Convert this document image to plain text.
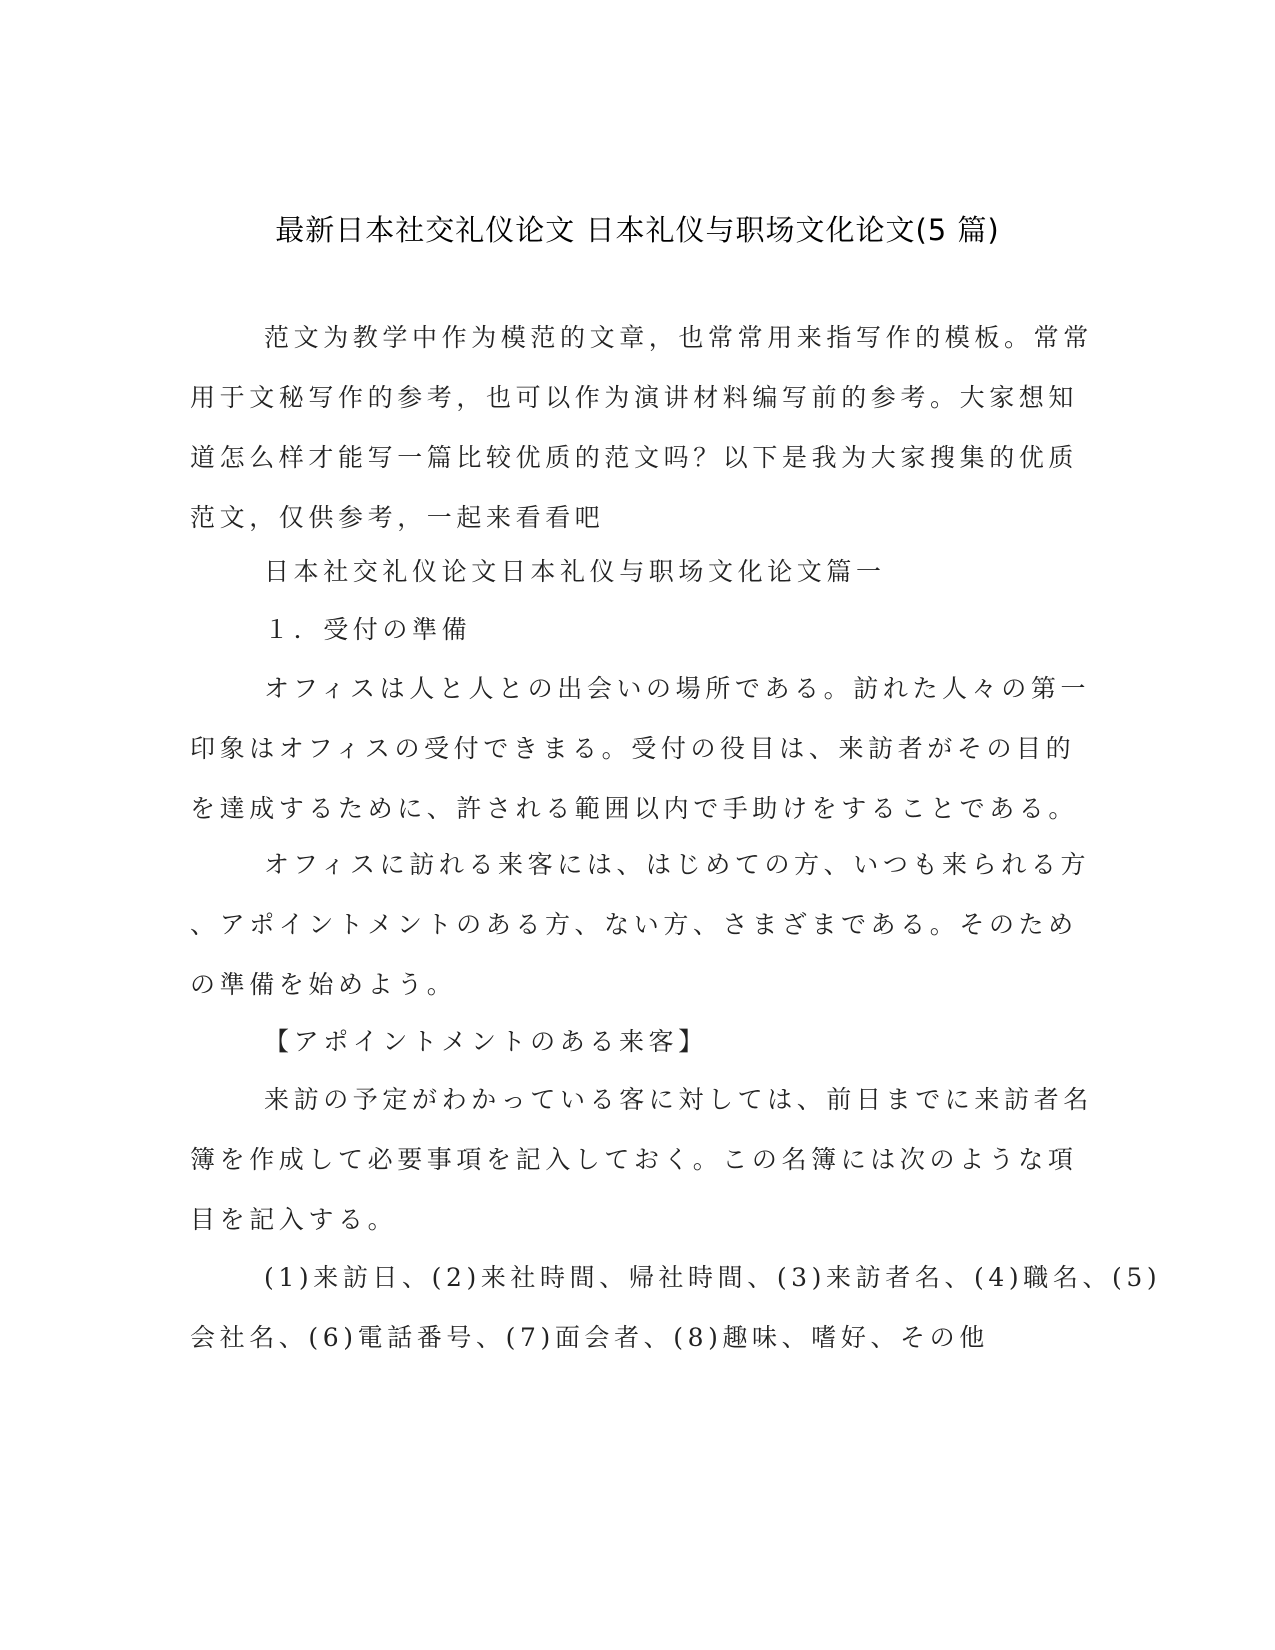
最新日本社交礼仪论文 日本礼仪与职场文化论文(5 篇)
范文为教学中作为模范的文章，也常常用来指写作的模板。常常
用于文秘写作的参考，也可以作为演讲材料编写前的参考。大家想知
道怎么样才能写一篇比较优质的范文吗？以下是我为大家搜集的优质
范文，仅供参考，一起来看看吧
日本社交礼仪论文日本礼仪与职场文化论文篇一
１．受付の準備
オフィスは人と人との出会いの場所である。訪れた人々の第一
印象はオフィスの受付できまる。受付の役目は、来訪者がその目的
を達成するために、許される範囲以内で手助けをすることである。
オフィスに訪れる来客には、はじめての方、いつも来られる方
、アポイントメントのある方、ない方、さまざまである。そのため
の準備を始めよう。
【アポイントメントのある来客】
来訪の予定がわかっている客に対しては、前日までに来訪者名
簿を作成して必要事項を記入しておく。この名簿には次のような項
目を記入する。
(1)来訪日、(2)来社時間、帰社時間、(3)来訪者名、(4)職名、(5)
会社名、(6)電話番号、(7)面会者、(8)趣味、嗜好、その他
